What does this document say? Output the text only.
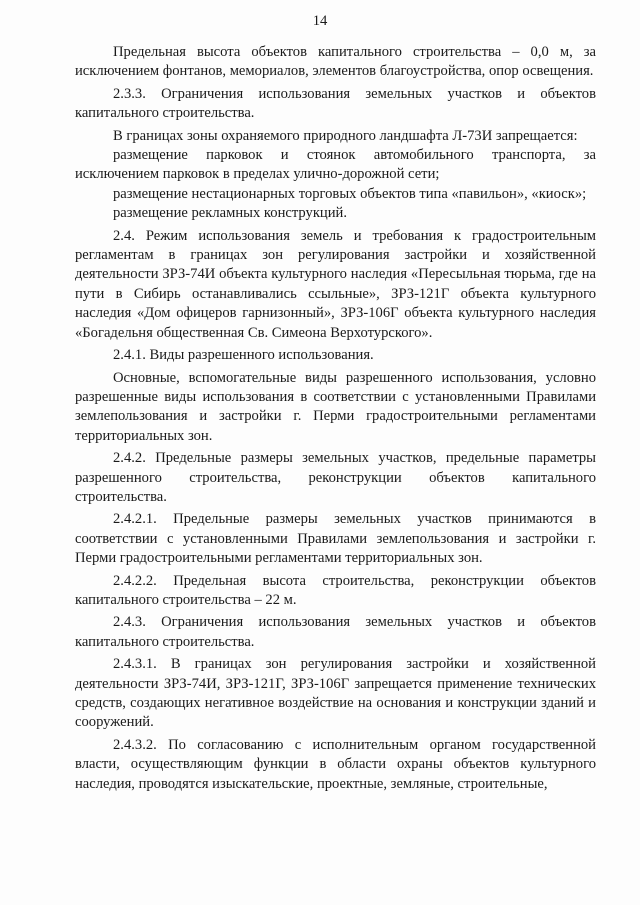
14

Предельная высота объектов капитального строительства – 0,0 м, за исключением фонтанов, мемориалов, элементов благоустройства, опор освещения.

2.3.3. Ограничения использования земельных участков и объектов капитального строительства.

В границах зоны охраняемого природного ландшафта Л-73И запрещается:

размещение парковок и стоянок автомобильного транспорта, за исключением парковок в пределах улично-дорожной сети;

размещение нестационарных торговых объектов типа «павильон», «киоск»;

размещение рекламных конструкций.

2.4. Режим использования земель и требования к градостроительным регламентам в границах зон регулирования застройки и хозяйственной деятельности ЗРЗ-74И объекта культурного наследия «Пересыльная тюрьма, где на пути в Сибирь останавливались ссыльные», ЗРЗ-121Г объекта культурного наследия «Дом офицеров гарнизонный», ЗРЗ-106Г объекта культурного наследия «Богадельня общественная Св. Симеона Верхотурского».

2.4.1. Виды разрешенного использования.

Основные, вспомогательные виды разрешенного использования, условно разрешенные виды использования в соответствии с установленными Правилами землепользования и застройки г. Перми градостроительными регламентами территориальных зон.

2.4.2. Предельные размеры земельных участков, предельные параметры разрешенного строительства, реконструкции объектов капитального строительства.

2.4.2.1. Предельные размеры земельных участков принимаются в соответствии с установленными Правилами землепользования и застройки г. Перми градостроительными регламентами территориальных зон.

2.4.2.2. Предельная высота строительства, реконструкции объектов капитального строительства – 22 м.

2.4.3. Ограничения использования земельных участков и объектов капитального строительства.

2.4.3.1. В границах зон регулирования застройки и хозяйственной деятельности ЗРЗ-74И, ЗРЗ-121Г, ЗРЗ-106Г запрещается применение технических средств, создающих негативное воздействие на основания и конструкции зданий и сооружений.

2.4.3.2. По согласованию с исполнительным органом государственной власти, осуществляющим функции в области охраны объектов культурного наследия, проводятся изыскательские, проектные, земляные, строительные,
